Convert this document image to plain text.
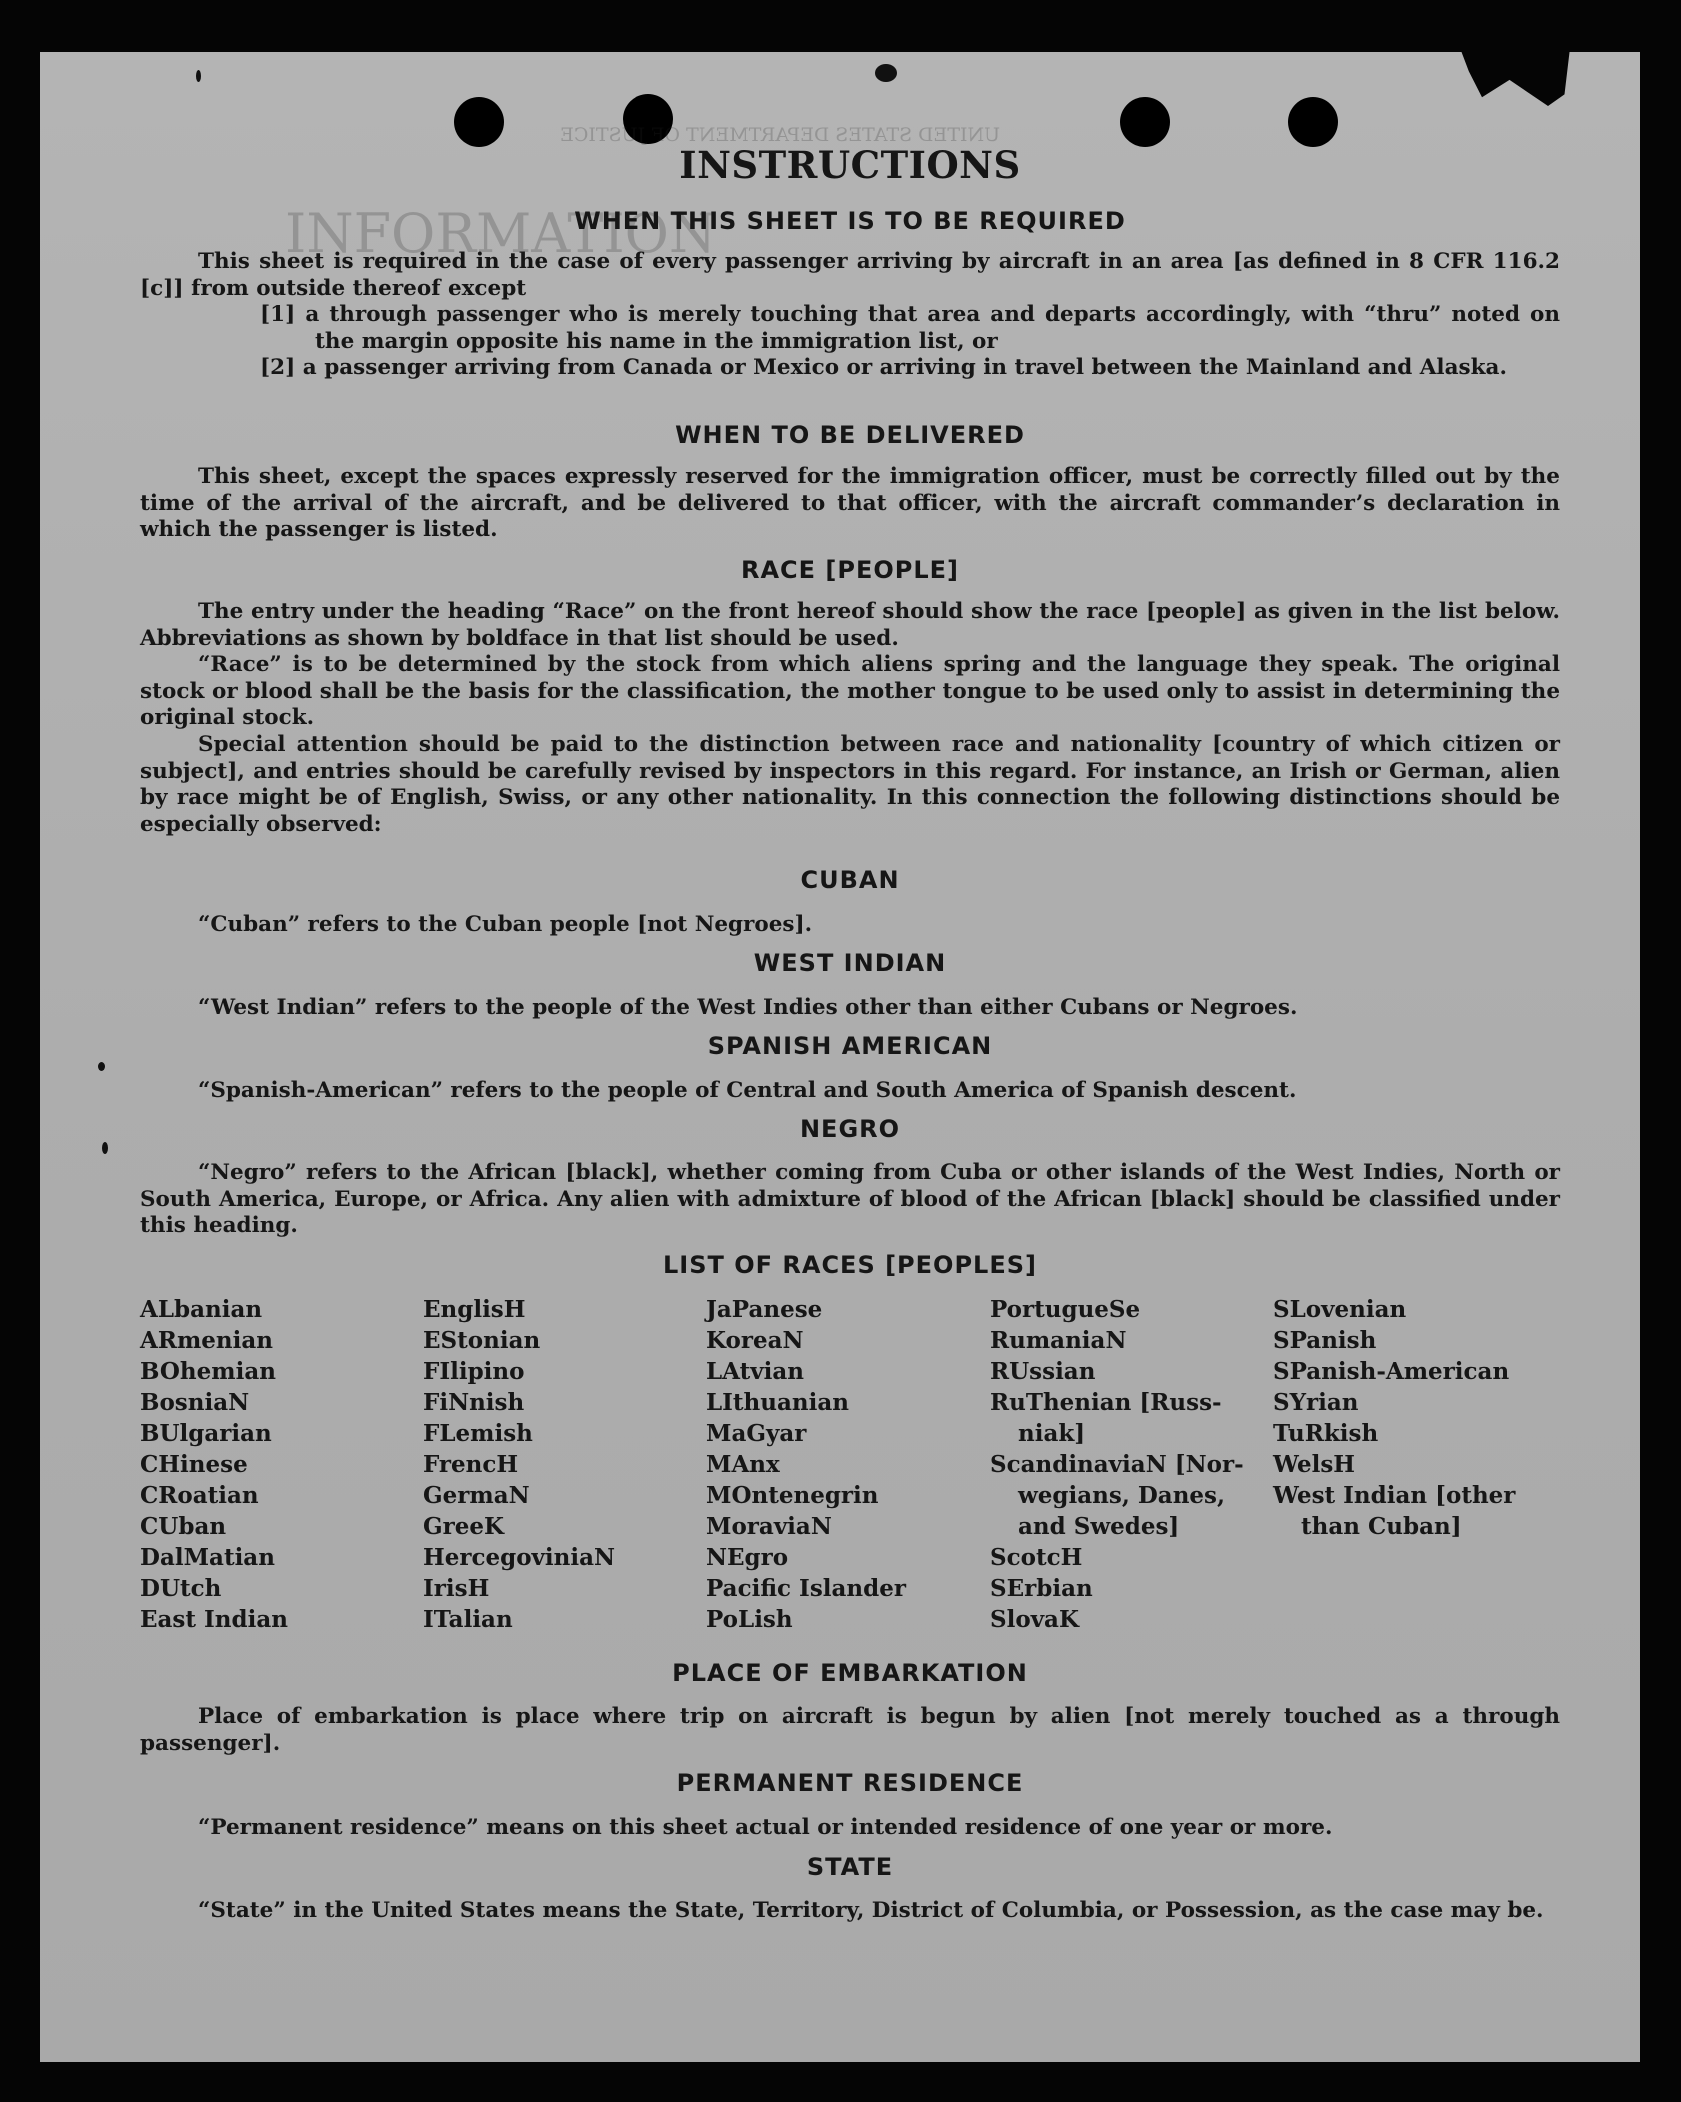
UNITED STATES DEPARTMENT OF JUSTICE
INFORMATION
INSTRUCTIONS
WHEN THIS SHEET IS TO BE REQUIRED
This sheet is required in the case of every passenger arriving by aircraft in an area [as defined in 8 CFR 116.2 [c]] from outside thereof except
[1] a through passenger who is merely touching that area and departs accordingly, with “thru” noted on the margin opposite his name in the immigration list, or
[2] a passenger arriving from Canada or Mexico or arriving in travel between the Mainland and Alaska.
WHEN TO BE DELIVERED
This sheet, except the spaces expressly reserved for the immigration officer, must be correctly filled out by the time of the arrival of the aircraft, and be delivered to that officer, with the aircraft commander’s declaration in which the passenger is listed.
RACE [PEOPLE]
The entry under the heading “Race” on the front hereof should show the race [people] as given in the list below. Abbreviations as shown by boldface in that list should be used.
“Race” is to be determined by the stock from which aliens spring and the language they speak. The original stock or blood shall be the basis for the classification, the mother tongue to be used only to assist in determining the original stock.
Special attention should be paid to the distinction between race and nationality [country of which citizen or subject], and entries should be carefully revised by inspectors in this regard. For instance, an Irish or German, alien by race might be of English, Swiss, or any other nationality. In this connection the following distinctions should be especially observed:
CUBAN
“Cuban” refers to the Cuban people [not Negroes].
WEST INDIAN
“West Indian” refers to the people of the West Indies other than either Cubans or Negroes.
SPANISH AMERICAN
“Spanish-American” refers to the people of Central and South America of Spanish descent.
NEGRO
“Negro” refers to the African [black], whether coming from Cuba or other islands of the West Indies, North or South America, Europe, or Africa. Any alien with admixture of blood of the African [black] should be classified under this heading.
LIST OF RACES [PEOPLES]
ALbanian
ARmenian
BOhemian
BosniaN
BUlgarian
CHinese
CRoatian
CUban
DalMatian
DUtch
East Indian
EnglisH
EStonian
FIlipino
FiNnish
FLemish
FrencH
GermaN
GreeK
HercegoviniaN
IrisH
ITalian
JaPanese
KoreaN
LAtvian
LIthuanian
MaGyar
MAnx
MOntenegrin
MoraviaN
NEgro
Pacific Islander
PoLish
PortugueSe
RumaniaN
RUssian
RuThenian [Russ-
niak]
ScandinaviaN [Nor-
wegians, Danes,
and Swedes]
ScotcH
SErbian
SlovaK
SLovenian
SPanish
SPanish-American
SYrian
TuRkish
WelsH
West Indian [other
than Cuban]
PLACE OF EMBARKATION
Place of embarkation is place where trip on aircraft is begun by alien [not merely touched as a through passenger].
PERMANENT RESIDENCE
“Permanent residence” means on this sheet actual or intended residence of one year or more.
STATE
“State” in the United States means the State, Territory, District of Columbia, or Possession, as the case may be.
